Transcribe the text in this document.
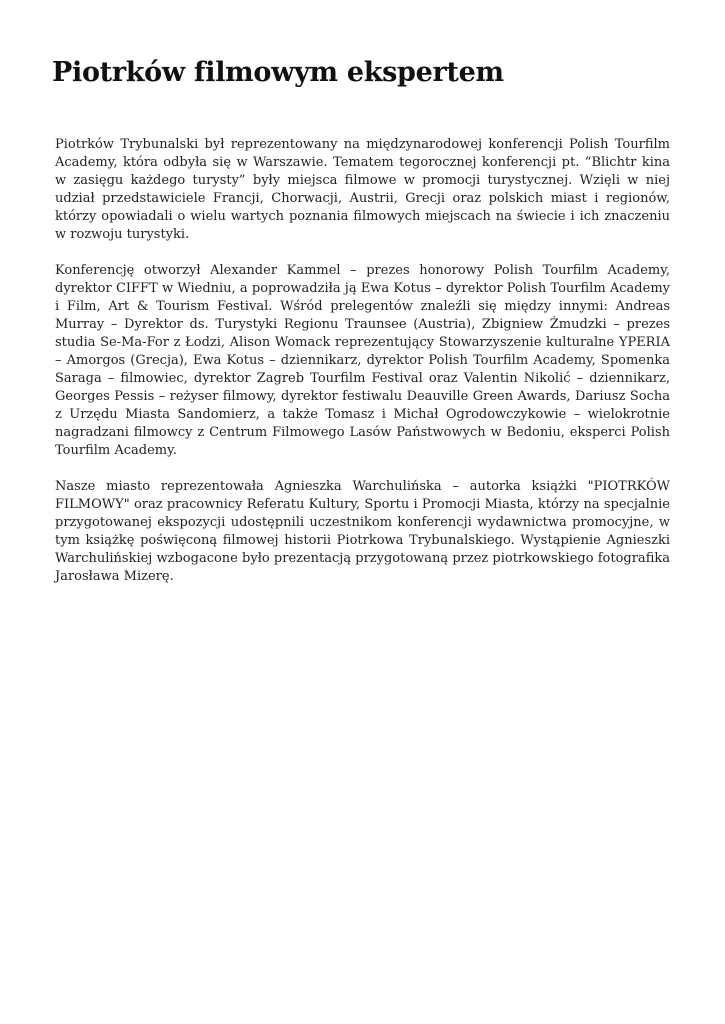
Piotrków filmowym ekspertem

Piotrków Trybunalski był reprezentowany na międzynarodowej konferencji Polish Tourfilm Academy, która odbyła się w Warszawie. Tematem tegorocznej konferencji pt. “Blichtr kina w zasięgu każdego turysty” były miejsca filmowe w promocji turystycznej. Wzięli w niej udział przedstawiciele Francji, Chorwacji, Austrii, Grecji oraz polskich miast i regionów, którzy opowiadali o wielu wartych poznania filmowych miejscach na świecie i ich znaczeniu w rozwoju turystyki.

Konferencję otworzył Alexander Kammel – prezes honorowy Polish Tourfilm Academy, dyrektor CIFFT w Wiedniu, a poprowadziła ją Ewa Kotus – dyrektor Polish Tourfilm Academy i Film, Art & Tourism Festival. Wśród prelegentów znaleźli się między innymi: Andreas Murray – Dyrektor ds. Turystyki Regionu Traunsee (Austria), Zbigniew Żmudzki – prezes studia Se-Ma-For z Łodzi, Alison Womack reprezentujący Stowarzyszenie kulturalne YPERIA – Amorgos (Grecja), Ewa Kotus – dziennikarz, dyrektor Polish Tourfilm Academy, Spomenka Saraga – filmowiec, dyrektor Zagreb Tourfilm Festival oraz Valentin Nikolić – dziennikarz, Georges Pessis – reżyser filmowy, dyrektor festiwalu Deauville Green Awards, Dariusz Socha z Urzędu Miasta Sandomierz, a także Tomasz i Michał Ogrodowczykowie – wielokrotnie nagradzani filmowcy z Centrum Filmowego Lasów Państwowych w Bedoniu, eksperci Polish Tourfilm Academy.

Nasze miasto reprezentowała Agnieszka Warchulińska – autorka książki "PIOTRKÓW FILMOWY" oraz pracownicy Referatu Kultury, Sportu i Promocji Miasta, którzy na specjalnie przygotowanej ekspozycji udostępnili uczestnikom konferencji wydawnictwa promocyjne, w tym książkę poświęconą filmowej historii Piotrkowa Trybunalskiego. Wystąpienie Agnieszki Warchulińskiej wzbogacone było prezentacją przygotowaną przez piotrkowskiego fotografika Jarosława Mizerę.
